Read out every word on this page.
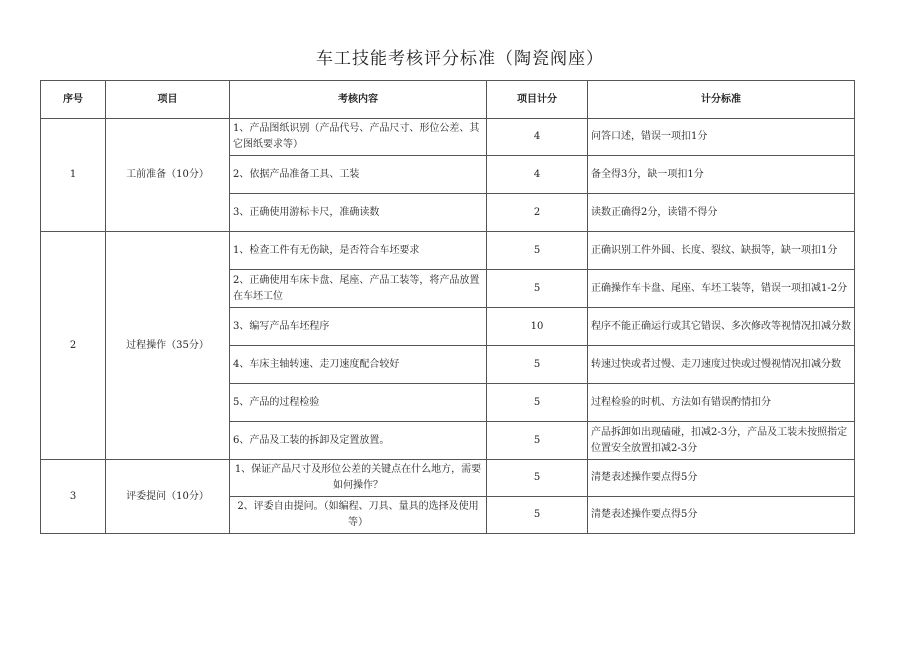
车工技能考核评分标准（陶瓷阀座）
序号	项目	考核内容	项目计分	计分标准
1	工前准备（10分）	1、产品图纸识别（产品代号、产品尺寸、形位公差、其它图纸要求等）	4	问答口述，错误一项扣1分
		2、依据产品准备工具、工装	4	备全得3分，缺一项扣1分
		3、正确使用游标卡尺，准确读数	2	读数正确得2分，读错不得分
2	过程操作（35分）	1、检查工件有无伤缺，是否符合车坯要求	5	正确识别工件外圆、长度、裂纹、缺损等，缺一项扣1分
		2、正确使用车床卡盘、尾座、产品工装等，将产品放置在车坯工位	5	正确操作车卡盘、尾座、车坯工装等，错误一项扣减1-2分
		3、编写产品车坯程序	10	程序不能正确运行或其它错误、多次修改等视情况扣减分数
		4、车床主轴转速、走刀速度配合较好	5	转速过快或者过慢、走刀速度过快或过慢视情况扣减分数
		5、产品的过程检验	5	过程检验的时机、方法如有错误酌情扣分
		6、产品及工装的拆卸及定置放置。	5	产品拆卸如出现磕碰，扣减2-3分，产品及工装未按照指定位置安全放置扣减2-3分
3	评委提问（10分）	1、保证产品尺寸及形位公差的关键点在什么地方，需要如何操作？	5	清楚表述操作要点得5分
		2、评委自由提问。（如编程、刀具、量具的选择及使用等）	5	清楚表述操作要点得5分
